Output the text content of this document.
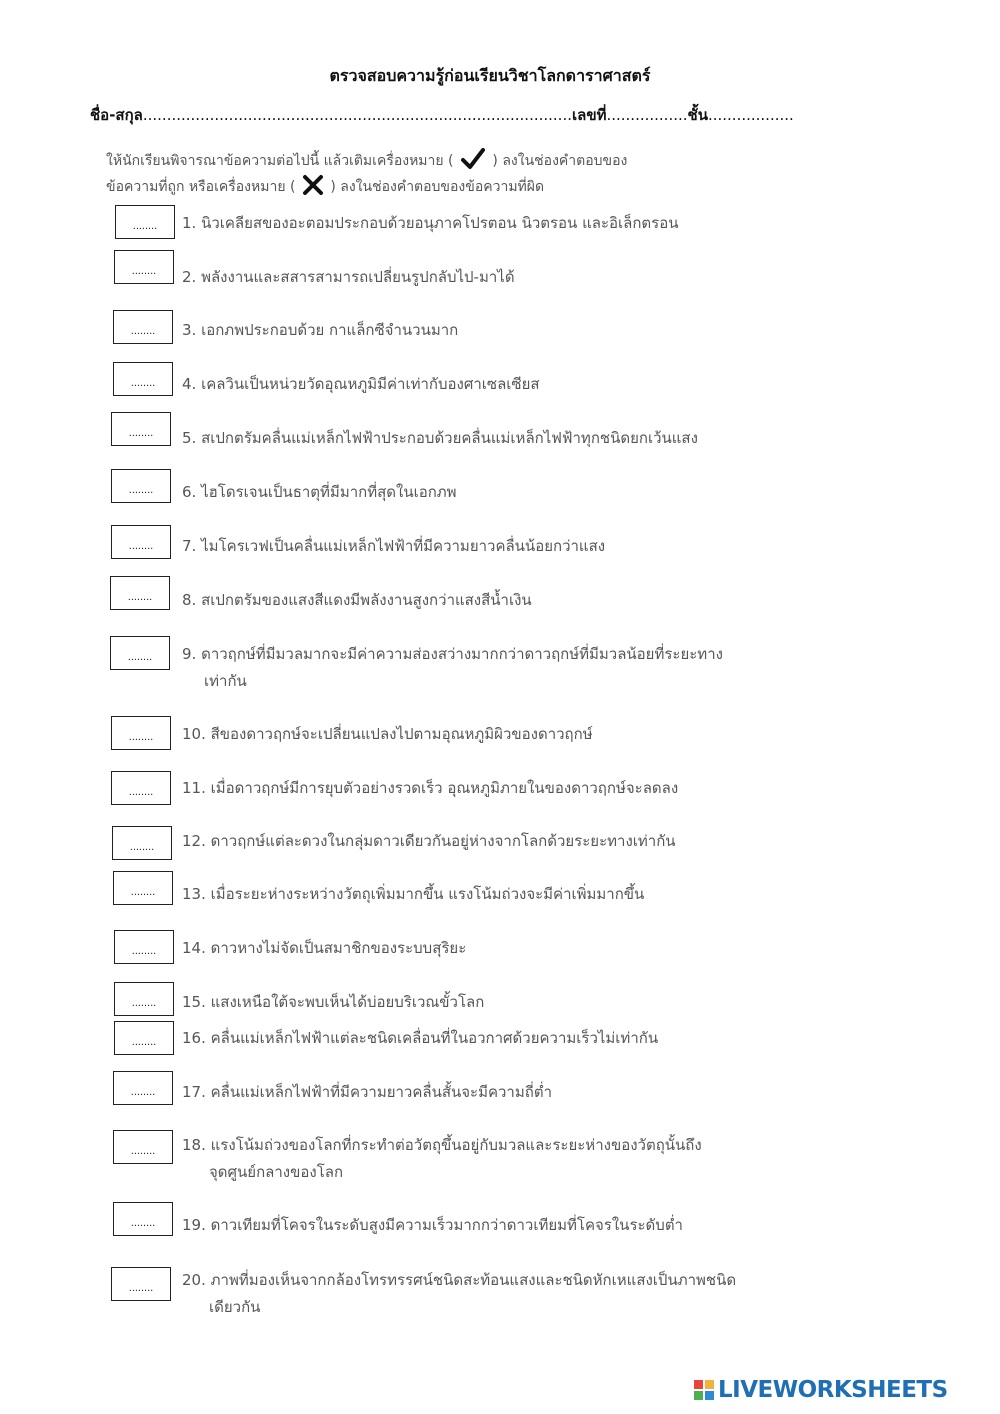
ตรวจสอบความรู้ก่อนเรียนวิชาโลกดาราศาสตร์
ชื่อ-สกุล..........................................................................................เลขที่.................ชั้น..................
ให้นักเรียนพิจารณาข้อความต่อไปนี้ แล้วเติมเครื่องหมาย (	) ลงในช่องคำตอบของ
ข้อความที่ถูก หรือเครื่องหมาย ( ) ลงในช่องคำตอบของข้อความที่ผิด
........	1. นิวเคลียสของอะตอมประกอบด้วยอนุภาคโปรตอน นิวตรอน และอิเล็กตรอน
........	2. พลังงานและสสารสามารถเปลี่ยนรูปกลับไป-มาได้
........	3. เอกภพประกอบด้วย กาแล็กซีจำนวนมาก
........	4. เคลวินเป็นหน่วยวัดอุณหภูมิมีค่าเท่ากับองศาเซลเซียส
........	5. สเปกตรัมคลื่นแม่เหล็กไฟฟ้าประกอบด้วยคลื่นแม่เหล็กไฟฟ้าทุกชนิดยกเว้นแสง
........	6. ไฮโดรเจนเป็นธาตุที่มีมากที่สุดในเอกภพ
........	7. ไมโครเวฟเป็นคลื่นแม่เหล็กไฟฟ้าที่มีความยาวคลื่นน้อยกว่าแสง
........	8. สเปกตรัมของแสงสีแดงมีพลังงานสูงกว่าแสงสีน้ำเงิน
........	9. ดาวฤกษ์ที่มีมวลมากจะมีค่าความส่องสว่างมากกว่าดาวฤกษ์ที่มีมวลน้อยที่ระยะทาง
เท่ากัน
........	10. สีของดาวฤกษ์จะเปลี่ยนแปลงไปตามอุณหภูมิผิวของดาวฤกษ์
........	11. เมื่อดาวฤกษ์มีการยุบตัวอย่างรวดเร็ว อุณหภูมิภายในของดาวฤกษ์จะลดลง
........	12. ดาวฤกษ์แต่ละดวงในกลุ่มดาวเดียวกันอยู่ห่างจากโลกด้วยระยะทางเท่ากัน
........	13. เมื่อระยะห่างระหว่างวัตถุเพิ่มมากขึ้น แรงโน้มถ่วงจะมีค่าเพิ่มมากขึ้น
........	14. ดาวหางไม่จัดเป็นสมาชิกของระบบสุริยะ
........	15. แสงเหนือใต้จะพบเห็นได้บ่อยบริเวณขั้วโลก
........	16. คลื่นแม่เหล็กไฟฟ้าแต่ละชนิดเคลื่อนที่ในอวกาศด้วยความเร็วไม่เท่ากัน
........	17. คลื่นแม่เหล็กไฟฟ้าที่มีความยาวคลื่นสั้นจะมีความถี่ต่ำ
........	18. แรงโน้มถ่วงของโลกที่กระทำต่อวัตถุขึ้นอยู่กับมวลและระยะห่างของวัตถุนั้นถึง
จุดศูนย์กลางของโลก
........	19. ดาวเทียมที่โคจรในระดับสูงมีความเร็วมากกว่าดาวเทียมที่โคจรในระดับต่ำ
........	20. ภาพที่มองเห็นจากกล้องโทรทรรศน์ชนิดสะท้อนแสงและชนิดหักเหแสงเป็นภาพชนิด
เดียวกัน
LIVEWORKSHEETS
